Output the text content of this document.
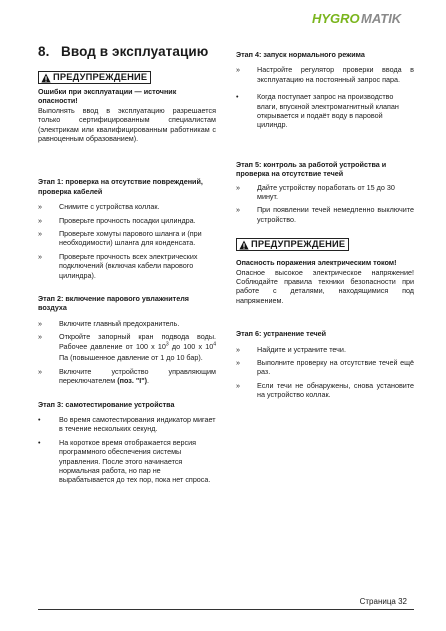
HYGRO MATIK
8. Ввод в эксплуатацию
ПРЕДУПРЕЖДЕНИЕ

Ошибки при эксплуатации — источник опасности!

Выполнять ввод в эксплуатацию разрешается только сертифицированным специалистам (электрикам или квалифицированным работникам с равноценным образованием).

Этап 1: проверка на отсутствие повреждений, проверка кабелей

»	Снимите с устройства коллак.

»	Проверьте прочность посадки цилиндра.

»	Проверьте хомуты парового шланга и (при необходимости) шланга для конденсата.

»	Проверьте прочность всех электрических подключений (включая кабели парового цилиндра).

Этап 2: включение парового увлажнителя воздуха

»	Включите главный предохранитель.

»	Откройте запорный кран подвода воды. Рабочее давление от 100 х $10^3$ до 100 х $10^4$ Па (повышенное давление от 1 до 10 бар).

»	Включите устройство управляющим переключателем (поз. "I").

Этап 3: самотестирование устройства

•	Во время самотестирования индикатор мигает в течение нескольких секунд.

•	На короткое время отображается версия программного обеспечения системы управления. После этого начинается нормальная работа, но пар не вырабатывается до тех пор, пока нет спроса.

Этап 4: запуск нормального режима

»	Настройте регулятор проверки ввода в эксплуатацию на постоянный запрос пара.

•	Когда поступает запрос на производство влаги, впускной электромагнитный клапан открывается и подаёт воду в паровой цилиндр.

Этап 5: контроль за работой устройства и проверка на отсутствие течей

»	Дайте устройству поработать от 15 до 30 минут.

»	При появлении течей немедленно выключите устройство.

ПРЕДУПРЕЖДЕНИЕ

Опасность поражения электрическим током!

Опасное высокое электрическое напряжение! Соблюдайте правила техники безопасности при работе с деталями, находящимися под напряжением.

Этап 6: устранение течей

»	Найдите и устраните течи.

»	Выполните проверку на отсутствие течей ещё раз.

»	Если течи не обнаружены, снова установите на устройство коллак.

Страница 32
